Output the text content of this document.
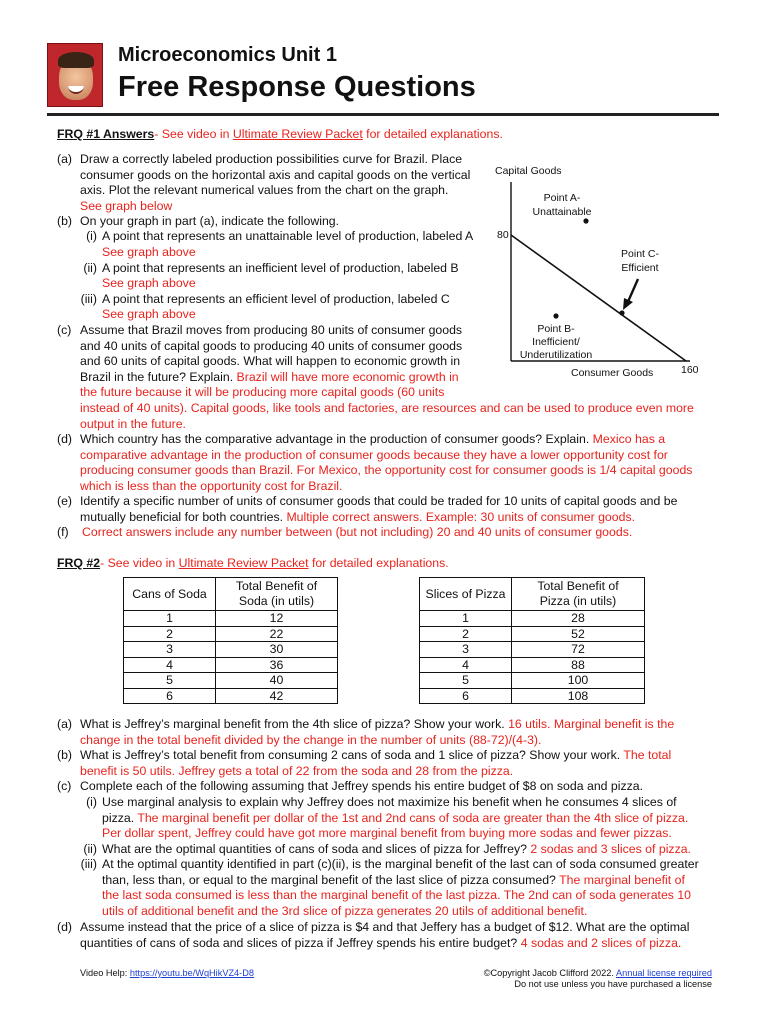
Microeconomics Unit 1
Free Response Questions
FRQ #1 Answers- See video in Ultimate Review Packet for detailed explanations.
(a) Draw a correctly labeled production possibilities curve for Brazil. Place
consumer goods on the horizontal axis and capital goods on the vertical
axis. Plot the relevant numerical values from the chart on the graph.
See graph below
(b) On your graph in part (a), indicate the following.
(i) A point that represents an unattainable level of production, labeled A
See graph above
(ii) A point that represents an inefficient level of production, labeled B
See graph above
(iii) A point that represents an efficient level of production, labeled C
See graph above
(c) Assume that Brazil moves from producing 80 units of consumer goods
and 40 units of capital goods to producing 40 units of consumer goods
and 60 units of capital goods. What will happen to economic growth in
Brazil in the future? Explain. Brazil will have more economic growth in
the future because it will be producing more capital goods (60 units
instead of 40 units). Capital goods, like tools and factories, are resources and can be used to produce even more
output in the future.
(d) Which country has the comparative advantage in the production of consumer goods? Explain. Mexico has a
comparative advantage in the production of consumer goods because they have a lower opportunity cost for
producing consumer goods than Brazil. For Mexico, the opportunity cost for consumer goods is 1/4 capital goods
which is less than the opportunity cost for Brazil.
(e) Identify a specific number of units of consumer goods that could be traded for 10 units of capital goods and be
mutually beneficial for both countries. Multiple correct answers. Example: 30 units of consumer goods.
(f) Correct answers include any number between (but not including) 20 and 40 units of consumer goods.
Capital Goods
80
160
Consumer Goods
Point A-
Unattainable
Point B-
Inefficient/
Underutilization
Point C-
Efficient
FRQ #2- See video in Ultimate Review Packet for detailed explanations.
Cans of Soda	Total Benefit of
Soda (in utils)
1	12
2	22
3	30
4	36
5	40
6	42
Slices of Pizza	Total Benefit of
Pizza (in utils)
1	28
2	52
3	72
4	88
5	100
6	108
(a) What is Jeffrey’s marginal benefit from the 4th slice of pizza? Show your work. 16 utils. Marginal benefit is the
change in the total benefit divided by the change in the number of units (88-72)/(4-3).
(b) What is Jeffrey’s total benefit from consuming 2 cans of soda and 1 slice of pizza? Show your work. The total
benefit is 50 utils. Jeffrey gets a total of 22 from the soda and 28 from the pizza.
(c) Complete each of the following assuming that Jeffrey spends his entire budget of $8 on soda and pizza.
(i) Use marginal analysis to explain why Jeffrey does not maximize his benefit when he consumes 4 slices of
pizza. The marginal benefit per dollar of the 1st and 2nd cans of soda are greater than the 4th slice of pizza.
Per dollar spent, Jeffrey could have got more marginal benefit from buying more sodas and fewer pizzas.
(ii) What are the optimal quantities of cans of soda and slices of pizza for Jeffrey? 2 sodas and 3 slices of pizza.
(iii) At the optimal quantity identified in part (c)(ii), is the marginal benefit of the last can of soda consumed greater
than, less than, or equal to the marginal benefit of the last slice of pizza consumed? The marginal benefit of
the last soda consumed is less than the marginal benefit of the last pizza. The 2nd can of soda generates 10
utils of additional benefit and the 3rd slice of pizza generates 20 utils of additional benefit.
(d) Assume instead that the price of a slice of pizza is $4 and that Jeffery has a budget of $12. What are the optimal
quantities of cans of soda and slices of pizza if Jeffrey spends his entire budget? 4 sodas and 2 slices of pizza.
Video Help: https://youtu.be/WqHikVZ4-D8	©Copyright Jacob Clifford 2022. Annual license required
Do not use unless you have purchased a license
